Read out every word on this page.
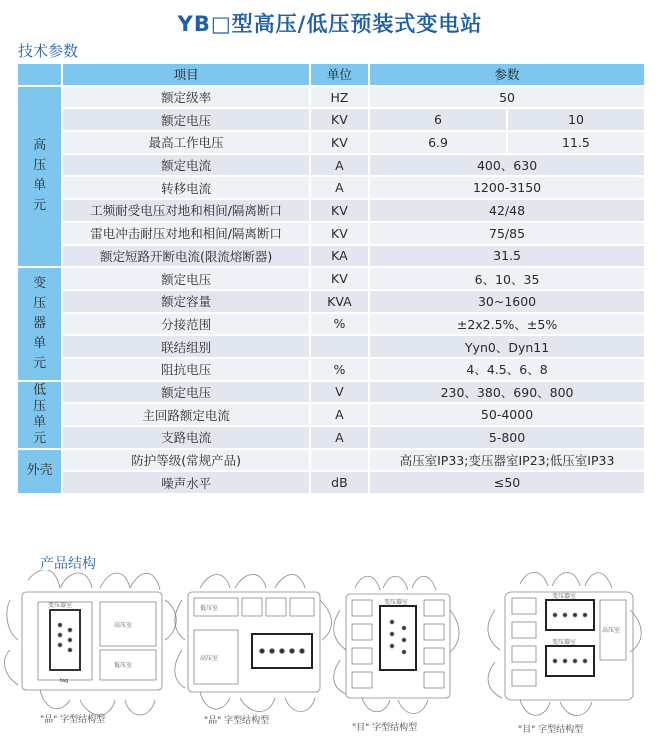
YB□型高压/低压预装式变电站
技术参数
	项目	单位	参数	
高
压
单
元	额定级率	HZ	50	
	额定电压	KV	6	10
	最高工作电压	KV	6.9	11.5
	额定电流	A	400、630	
	转移电流	A	1200-3150	
	工频耐受电压对地和相间/隔离断口	KV	42/48	
	雷电冲击耐压对地和相间/隔离断口	KV	75/85	
	额定短路开断电流(限流熔断器)	KA	31.5	
变
压
器
单
元	额定电压	KV	6、10、35	
	额定容量	KVA	30~1600	
	分接范围	%	±2x2.5%、±5%	
	联结组别		Yyn0、Dyn11	
	阻抗电压	%	4、4.5、6、8	
低
压
单
元	额定电压	V	230、380、690、800	
	主回路额定电流	A	50-4000	
	支路电流	A	5-800	
外壳	防护等级(常规产品)		高压室IP33;变压器室IP23;低压室IP33	
	噪声水平	dB	≤50	
产品结构
变压器室
高压室
低压室
tag
"品" 字型结构型
低压室
高压室
"品" 字型结构型
变压器室
"目" 字型结构型
变压器室
变压器室
高压室
"目" 字型结构型
